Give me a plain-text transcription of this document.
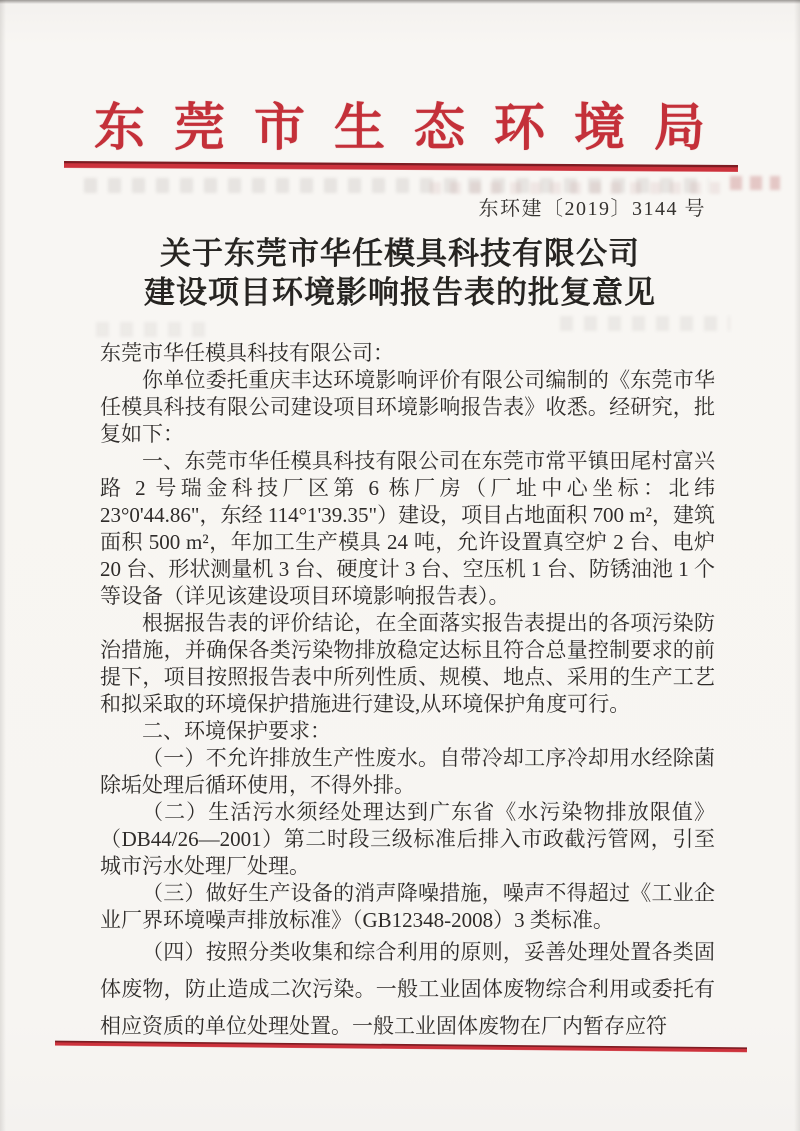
东莞市生态环境局
东环建〔2019〕3144 号
关于东莞市华任模具科技有限公司
建设项目环境影响报告表的批复意见

东莞市华任模具科技有限公司：

你单位委托重庆丰达环境影响评价有限公司编制的《东莞市华任模具科技有限公司建设项目环境影响报告表》收悉。经研究，批复如下：

一、东莞市华任模具科技有限公司在东莞市常平镇田尾村富兴路 2 号瑞金科技厂区第 6 栋厂房（厂址中心坐标：北纬 23°0'44.86"，东经 114°1'39.35"）建设，项目占地面积 700 m²，建筑面积 500 m²，年加工生产模具 24 吨，允许设置真空炉 2 台、电炉 20 台、形状测量机 3 台、硬度计 3 台、空压机 1 台、防锈油池 1 个等设备（详见该建设项目环境影响报告表）。

根据报告表的评价结论，在全面落实报告表提出的各项污染防治措施，并确保各类污染物排放稳定达标且符合总量控制要求的前提下，项目按照报告表中所列性质、规模、地点、采用的生产工艺和拟采取的环境保护措施进行建设,从环境保护角度可行。

二、环境保护要求：

（一）不允许排放生产性废水。自带冷却工序冷却用水经除菌除垢处理后循环使用，不得外排。

（二）生活污水须经处理达到广东省《水污染物排放限值》（DB44/26—2001）第二时段三级标准后排入市政截污管网，引至城市污水处理厂处理。

（三）做好生产设备的消声降噪措施，噪声不得超过《工业企业厂界环境噪声排放标准》（GB12348-2008）3 类标准。

（四）按照分类收集和综合利用的原则，妥善处理处置各类固体废物，防止造成二次污染。一般工业固体废物综合利用或委托有相应资质的单位处理处置。一般工业固体废物在厂内暂存应符
